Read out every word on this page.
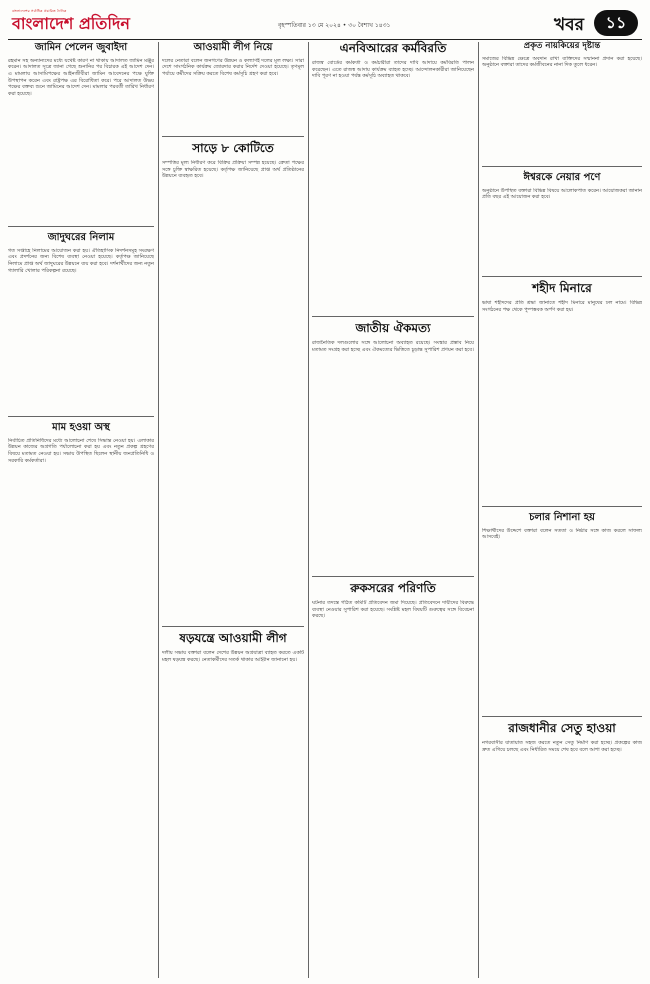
বাংলাদেশের সর্বাধিক প্রচারিত দৈনিক
বাংলাদেশ প্রতিদিন	বৃহস্পতিবার ১৩ মে ২০২৪ • ৩০ বৈশাখ ১৪৩১	খবর	১১
জামিন পেলেন জুবাইদা
রহমান সহ অন্যান্যদের মধ্যে যথেষ্ট কারণ না থাকায় আদালত জামিন মঞ্জুর করেন। আদালত সূত্রে জানা গেছে শুনানির পর বিচারক এই আদেশ দেন। এ মামলায় আসামিপক্ষের আইনজীবীরা জামিন আবেদনের পক্ষে যুক্তি উপস্থাপন করেন এবং রাষ্ট্রপক্ষ এর বিরোধিতা করে। পরে আদালত উভয় পক্ষের বক্তব্য শুনে জামিনের আদেশ দেন। মামলার পরবর্তী তারিখ নির্ধারণ করা হয়েছে।
জাদুঘরের নিলাম
গত সপ্তাহে নিলামের আয়োজন করা হয়। ঐতিহাসিক নিদর্শনসমূহ সংরক্ষণ এবং প্রদর্শনের জন্য বিশেষ ব্যবস্থা নেওয়া হয়েছে। কর্তৃপক্ষ জানিয়েছে নিলামে প্রাপ্ত অর্থ জাদুঘরের উন্নয়নে ব্যয় করা হবে। দর্শনার্থীদের জন্য নতুন গ্যালারি খোলার পরিকল্পনা রয়েছে।
মাম হওয়া অস্থ
নির্বাচিত প্রতিনিধিদের মধ্যে আলোচনা শেষে সিদ্ধান্ত নেওয়া হয়। এলাকার উন্নয়ন কাজের অগ্রগতি পর্যালোচনা করা হয় এবং নতুন প্রকল্প গ্রহণের বিষয়ে মতামত নেওয়া হয়। সভায় উপস্থিত ছিলেন স্থানীয় জনপ্রতিনিধি ও সরকারি কর্মকর্তারা।
আওয়ামী লীগ নিয়ে
দলের নেতারা বলেন জনগণের উন্নয়ন ও কল্যাণই দলের মূল লক্ষ্য। সারা দেশে সাংগঠনিক কার্যক্রম জোরদার করার নির্দেশ দেওয়া হয়েছে। তৃণমূল পর্যায়ে কর্মীদের সক্রিয় করতে বিশেষ কর্মসূচি গ্রহণ করা হবে।
সাড়ে ৮ কোটিতে
সম্পত্তির মূল্য নির্ধারণ করে বিক্রির প্রক্রিয়া সম্পন্ন হয়েছে। ক্রেতা পক্ষের সঙ্গে চুক্তি স্বাক্ষরিত হয়েছে। কর্তৃপক্ষ জানিয়েছে প্রাপ্ত অর্থ প্রতিষ্ঠানের উন্নয়নে ব্যবহৃত হবে।
ষড়যন্ত্রে আওয়ামী লীগ
দলীয় সভায় বক্তারা বলেন দেশের উন্নয়ন অগ্রযাত্রা ব্যাহত করতে একটি মহল ষড়যন্ত্র করছে। নেতাকর্মীদের সতর্ক থাকার আহ্বান জানানো হয়।
এনবিআরের কর্মবিরতি
রাজস্ব বোর্ডের কর্মকর্তা ও কর্মচারীরা তাদের দাবি আদায়ে কর্মবিরতি পালন করেছেন। এতে রাজস্ব আদায় কার্যক্রম ব্যাহত হচ্ছে। আন্দোলনকারীরা জানিয়েছেন দাবি পূরণ না হওয়া পর্যন্ত কর্মসূচি অব্যাহত থাকবে।
জাতীয় ঐকমত্য
রাজনৈতিক দলগুলোর সঙ্গে আলোচনা অব্যাহত রয়েছে। সংস্কার প্রস্তাব নিয়ে মতামত সংগ্রহ করা হচ্ছে এবং ঐকমত্যের ভিত্তিতে চূড়ান্ত সুপারিশ প্রণয়ন করা হবে।
রুকসরের পরিণতি
ঘটনার তদন্তে গঠিত কমিটি প্রতিবেদন জমা দিয়েছে। প্রতিবেদনে দায়ীদের বিরুদ্ধে ব্যবস্থা নেওয়ার সুপারিশ করা হয়েছে। সংশ্লিষ্ট মহল বিষয়টি গুরুত্বের সঙ্গে বিবেচনা করছে।
প্রকৃত নায়কিয়ের দৃষ্টান্ত
সমাজের বিভিন্ন ক্ষেত্রে অবদান রাখা ব্যক্তিদের সম্মাননা প্রদান করা হয়েছে। অনুষ্ঠানে বক্তারা তাদের কর্মজীবনের নানা দিক তুলে ধরেন।
ঈশ্বরকে নেয়ার পণে
অনুষ্ঠানে উপস্থিত বক্তারা বিভিন্ন বিষয়ে আলোকপাত করেন। আয়োজকরা জানান প্রতি বছর এই আয়োজন করা হবে।
শহীদ মিনারে
ভাষা শহীদদের প্রতি শ্রদ্ধা জানাতে শহীদ মিনারে মানুষের ঢল নামে। বিভিন্ন সংগঠনের পক্ষ থেকে পুষ্পস্তবক অর্পণ করা হয়।
চলার নিশানা হয়
শিক্ষার্থীদের উদ্দেশে বক্তারা বলেন সততা ও নিষ্ঠার সঙ্গে কাজ করলে সাফল্য আসবেই।
রাজধানীর সেতু হাওয়া
নগরবাসীর যাতায়াত সহজ করতে নতুন সেতু নির্মাণ করা হচ্ছে। প্রকল্পের কাজ দ্রুত এগিয়ে চলছে এবং নির্ধারিত সময়ে শেষ হবে বলে আশা করা হচ্ছে।
